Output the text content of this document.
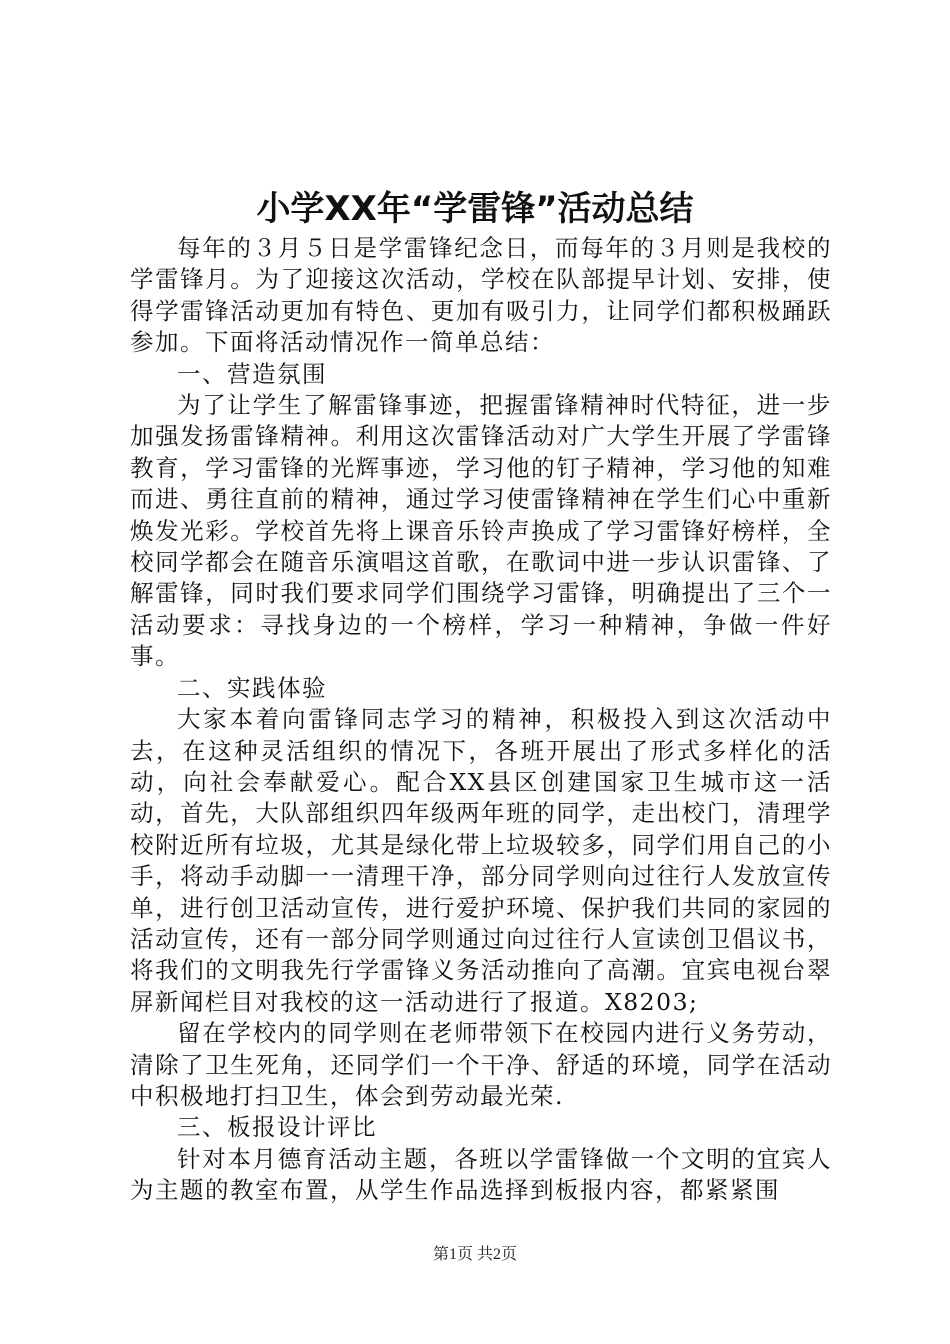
小学XX年“学雷锋”活动总结

每年的３月５日是学雷锋纪念日，而每年的３月则是我校的学雷锋月。为了迎接这次活动，学校在队部提早计划、安排，使得学雷锋活动更加有特色、更加有吸引力，让同学们都积极踊跃参加。下面将活动情况作一简单总结：

一、营造氛围

为了让学生了解雷锋事迹，把握雷锋精神时代特征，进一步加强发扬雷锋精神。利用这次雷锋活动对广大学生开展了学雷锋教育，学习雷锋的光辉事迹，学习他的钉子精神，学习他的知难而进、勇往直前的精神，通过学习使雷锋精神在学生们心中重新焕发光彩。学校首先将上课音乐铃声换成了学习雷锋好榜样，全校同学都会在随音乐演唱这首歌，在歌词中进一步认识雷锋、了解雷锋，同时我们要求同学们围绕学习雷锋，明确提出了三个一活动要求：寻找身边的一个榜样，学习一种精神，争做一件好事。

二、实践体验

大家本着向雷锋同志学习的精神，积极投入到这次活动中去，在这种灵活组织的情况下，各班开展出了形式多样化的活动，向社会奉献爱心。配合XX县区创建国家卫生城市这一活动，首先，大队部组织四年级两年班的同学，走出校门，清理学校附近所有垃圾，尤其是绿化带上垃圾较多，同学们用自己的小手，将动手动脚一一清理干净，部分同学则向过往行人发放宣传单，进行创卫活动宣传，进行爱护环境、保护我们共同的家园的活动宣传，还有一部分同学则通过向过往行人宣读创卫倡议书，将我们的文明我先行学雷锋义务活动推向了高潮。宜宾电视台翠屏新闻栏目对我校的这一活动进行了报道。X8203;

留在学校内的同学则在老师带领下在校园内进行义务劳动，清除了卫生死角，还同学们一个干净、舒适的环境，同学在活动中积极地打扫卫生，体会到劳动最光荣.

三、板报设计评比

针对本月德育活动主题，各班以学雷锋做一个文明的宜宾人为主题的教室布置，从学生作品选择到板报内容，都紧紧围

第1页 共2页
